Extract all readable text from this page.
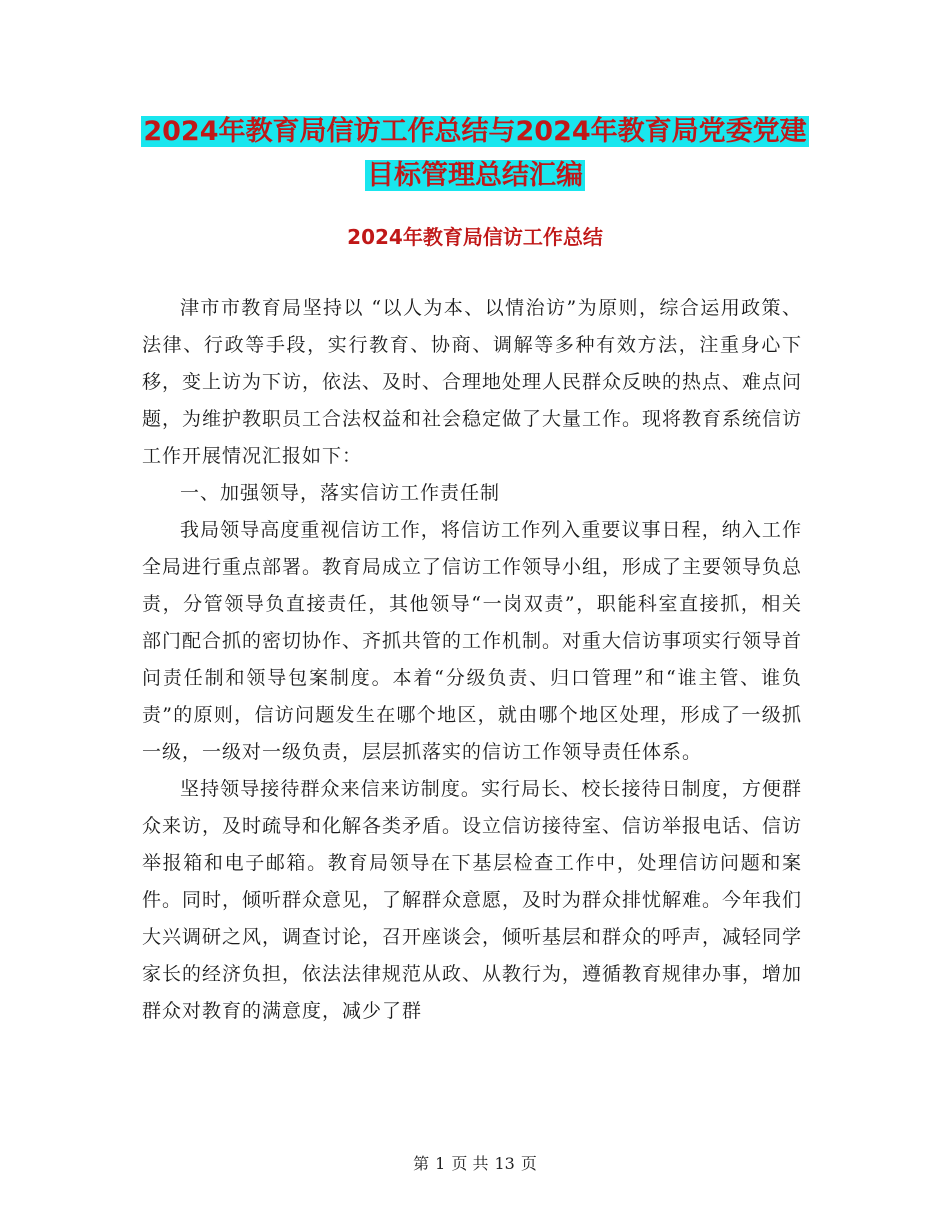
2024年教育局信访工作总结与2024年教育局党委党建
目标管理总结汇编
2024年教育局信访工作总结

津市市教育局坚持以 “以人为本、以情治访”为原则，综合运用政策、法律、行政等手段，实行教育、协商、调解等多种有效方法，注重身心下移，变上访为下访，依法、及时、合理地处理人民群众反映的热点、难点问题，为维护教职员工合法权益和社会稳定做了大量工作。现将教育系统信访工作开展情况汇报如下：

一、加强领导，落实信访工作责任制

我局领导高度重视信访工作，将信访工作列入重要议事日程，纳入工作全局进行重点部署。教育局成立了信访工作领导小组，形成了主要领导负总责，分管领导负直接责任，其他领导“一岗双责”，职能科室直接抓，相关部门配合抓的密切协作、齐抓共管的工作机制。对重大信访事项实行领导首问责任制和领导包案制度。本着“分级负责、归口管理”和“谁主管、谁负责”的原则，信访问题发生在哪个地区，就由哪个地区处理，形成了一级抓一级，一级对一级负责，层层抓落实的信访工作领导责任体系。

坚持领导接待群众来信来访制度。实行局长、校长接待日制度，方便群众来访，及时疏导和化解各类矛盾。设立信访接待室、信访举报电话、信访举报箱和电子邮箱。教育局领导在下基层检查工作中，处理信访问题和案件。同时，倾听群众意见，了解群众意愿，及时为群众排忧解难。今年我们大兴调研之风，调查讨论，召开座谈会，倾听基层和群众的呼声，减轻同学家长的经济负担，依法法律规范从政、从教行为，遵循教育规律办事，增加群众对教育的满意度，减少了群

第 1 页 共 13 页
